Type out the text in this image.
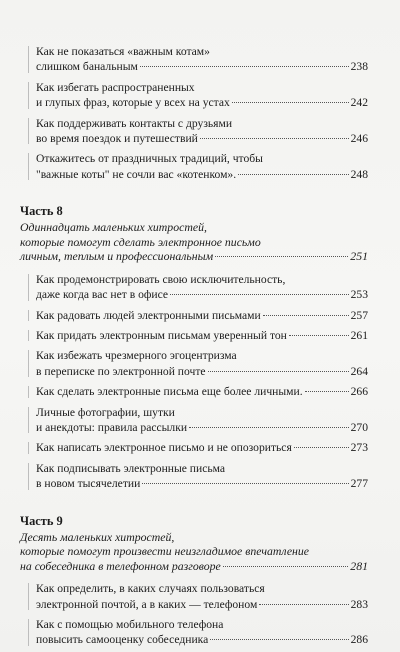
Как не показаться «важным котам»
слишком банальным	238
Как избегать распространенных
и глупых фраз, которые у всех на устах	242
Как поддерживать контакты с друзьями
во время поездок и путешествий	246
Откажитесь от праздничных традиций, чтобы
"важные коты" не сочли вас «котенком».	248
Часть 8
Одиннадцать маленьких хитростей,
которые помогут сделать электронное письмо
личным, теплым и профессиональным	251
Как продемонстрировать свою исключительность,
даже когда вас нет в офисе	253
Как радовать людей электронными письмами	257
Как придать электронным письмам уверенный тон	261
Как избежать чрезмерного эгоцентризма
в переписке по электронной почте	264
Как сделать электронные письма еще более личными.	266
Личные фотографии, шутки
и анекдоты: правила рассылки	270
Как написать электронное письмо и не опозориться	273
Как подписывать электронные письма
в новом тысячелетии	277
Часть 9
Десять маленьких хитростей,
которые помогут произвести неизгладимое впечатление
на собеседника в телефонном разговоре	281
Как определить, в каких случаях пользоваться
электронной почтой, а в каких — телефоном	283
Как с помощью мобильного телефона
повысить самооценку собеседника	286
